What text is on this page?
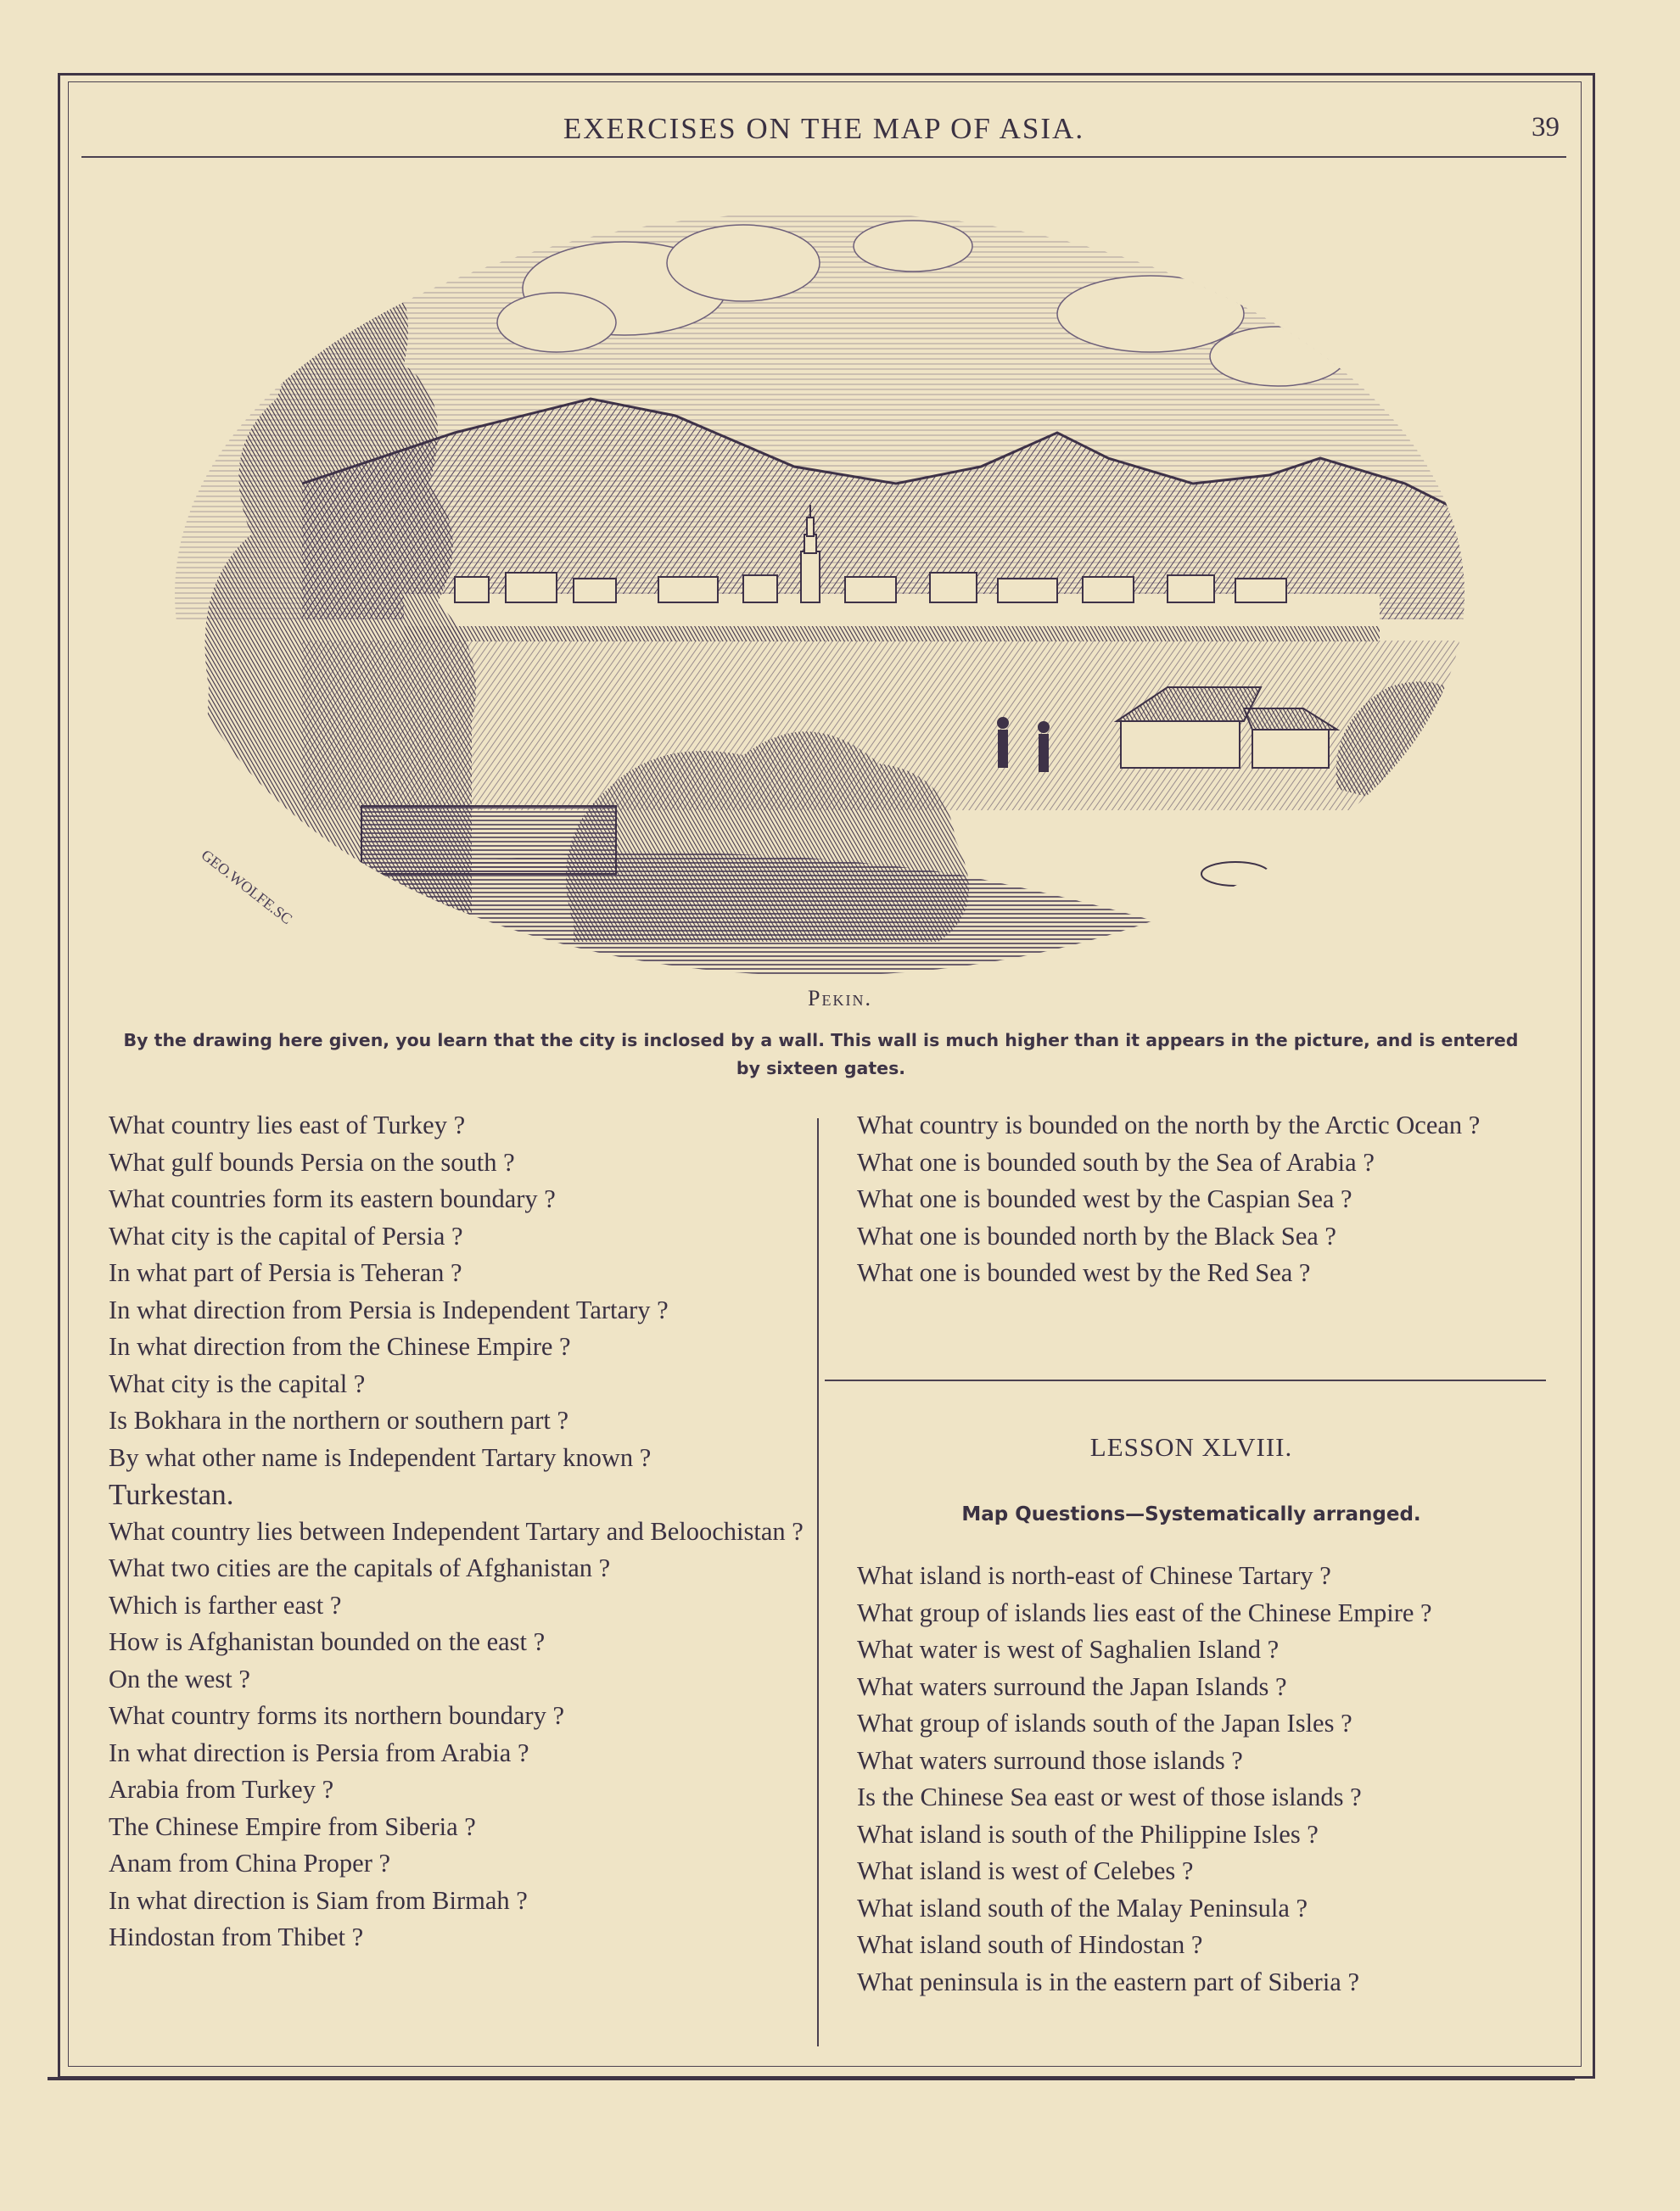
EXERCISES ON THE MAP OF ASIA.	39
GEO.WOLFE.SC
Pekin.
By the drawing here given, you learn that the city is inclosed by a wall. This wall is much higher than it appears in the picture, and is entered by sixteen gates.

What country lies east of Turkey ?

What gulf bounds Persia on the south ?

What countries form its eastern boundary ?

What city is the capital of Persia ?

In what part of Persia is Teheran ?

In what direction from Persia is Independent Tartary ?

In what direction from the Chinese Empire ?

What city is the capital ?

Is Bokhara in the northern or southern part ?

By what other name is Independent Tartary known ?

Turkestan.

What country lies between Independent Tartary and Beloochistan ?

What two cities are the capitals of Afghanistan ?

Which is farther east ?

How is Afghanistan bounded on the east ?

On the west ?

What country forms its northern boundary ?

In what direction is Persia from Arabia ?

Arabia from Turkey ?

The Chinese Empire from Siberia ?

Anam from China Proper ?

In what direction is Siam from Birmah ?

Hindostan from Thibet ?

What country is bounded on the north by the Arctic Ocean ?

What one is bounded south by the Sea of Arabia ?

What one is bounded west by the Caspian Sea ?

What one is bounded north by the Black Sea ?

What one is bounded west by the Red Sea ?

LESSON XLVIII.
Map Questions—Systematically arranged.

What island is north-east of Chinese Tartary ?

What group of islands lies east of the Chinese Empire ?

What water is west of Saghalien Island ?

What waters surround the Japan Islands ?

What group of islands south of the Japan Isles ?

What waters surround those islands ?

Is the Chinese Sea east or west of those islands ?

What island is south of the Philippine Isles ?

What island is west of Celebes ?

What island south of the Malay Peninsula ?

What island south of Hindostan ?

What peninsula is in the eastern part of Siberia ?
